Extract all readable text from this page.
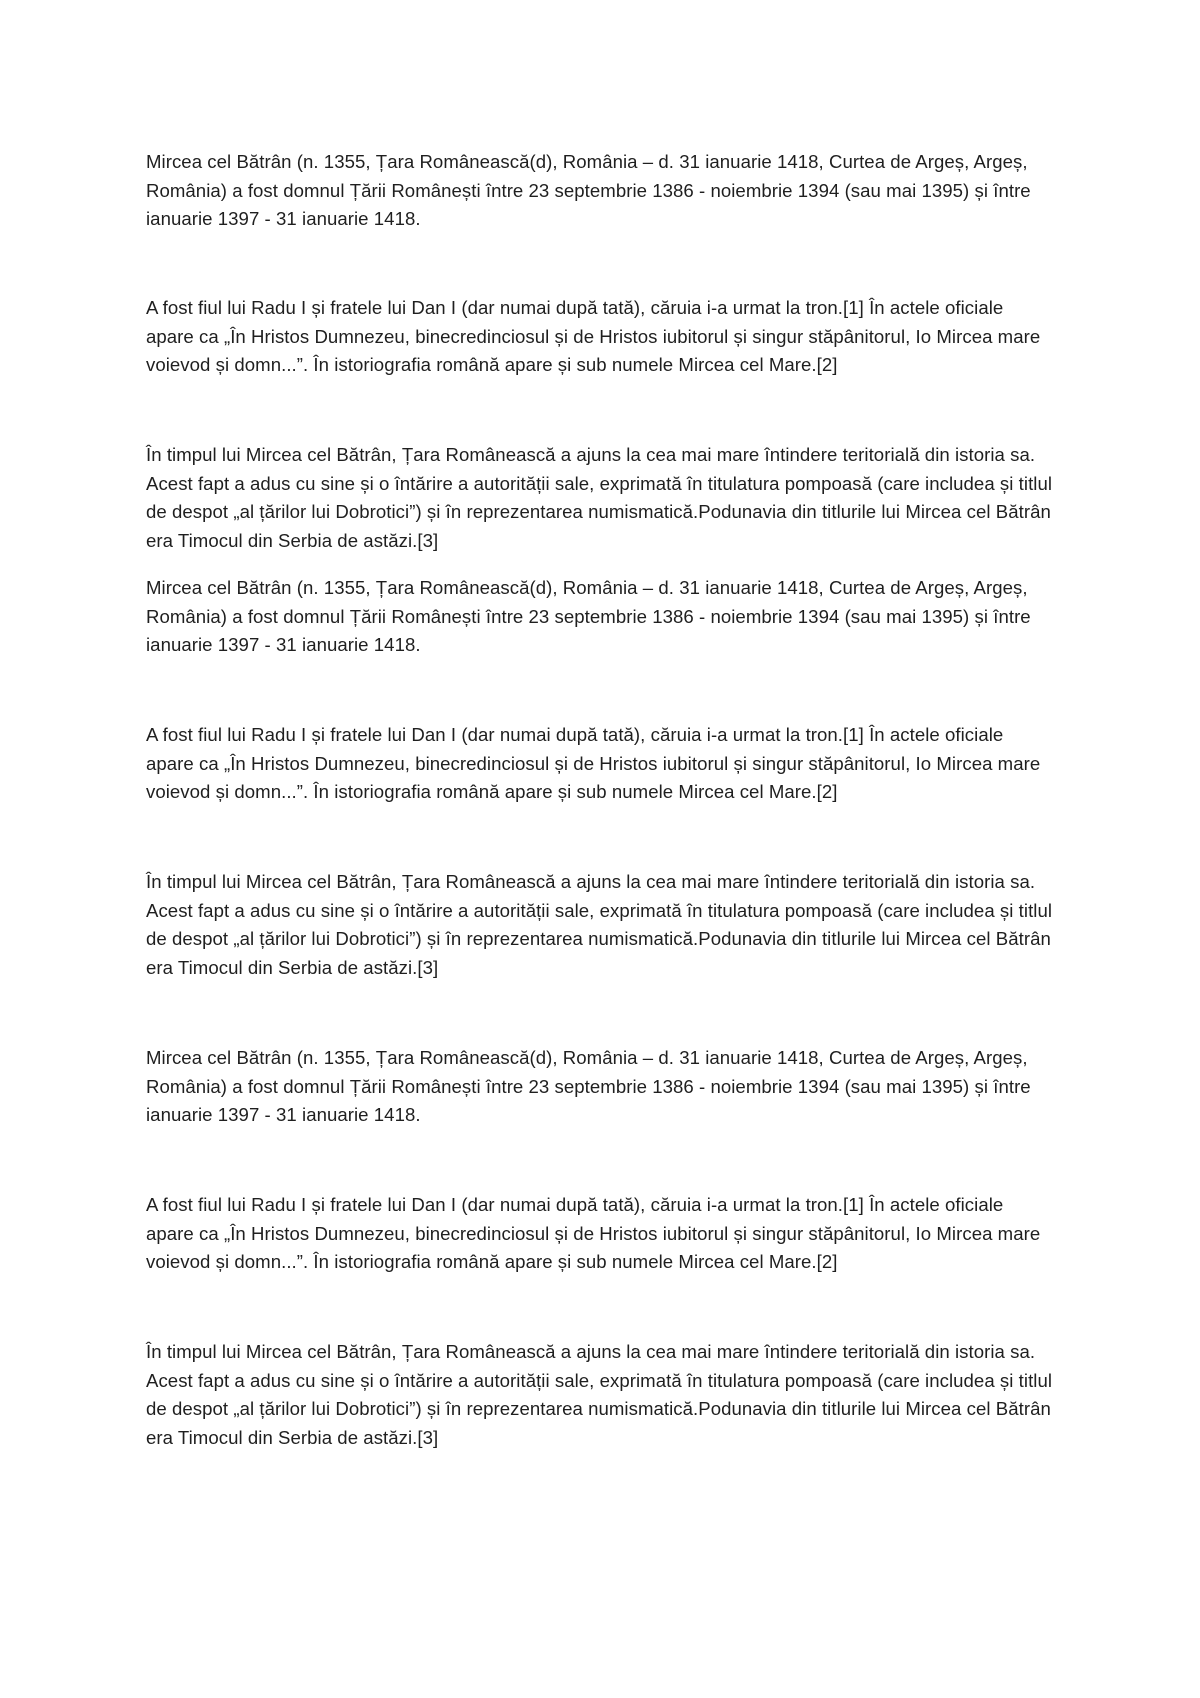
Mircea cel Bătrân (n. 1355, Țara Românească(d), România – d. 31 ianuarie 1418, Curtea de Argeș, Argeș, România) a fost domnul Țării Românești între 23 septembrie 1386 - noiembrie 1394 (sau mai 1395) și între ianuarie 1397 - 31 ianuarie 1418.

A fost fiul lui Radu I și fratele lui Dan I (dar numai după tată), căruia i-a urmat la tron.[1] În actele oficiale apare ca „În Hristos Dumnezeu, binecredinciosul și de Hristos iubitorul și singur stăpânitorul, Io Mircea mare voievod și domn...”. În istoriografia română apare și sub numele Mircea cel Mare.[2]

În timpul lui Mircea cel Bătrân, Țara Românească a ajuns la cea mai mare întindere teritorială din istoria sa. Acest fapt a adus cu sine și o întărire a autorității sale, exprimată în titulatura pompoasă (care includea și titlul de despot „al țărilor lui Dobrotici”) și în reprezentarea numismatică.Podunavia din titlurile lui Mircea cel Bătrân era Timocul din Serbia de astăzi.[3]

Mircea cel Bătrân (n. 1355, Țara Românească(d), România – d. 31 ianuarie 1418, Curtea de Argeș, Argeș, România) a fost domnul Țării Românești între 23 septembrie 1386 - noiembrie 1394 (sau mai 1395) și între ianuarie 1397 - 31 ianuarie 1418.

A fost fiul lui Radu I și fratele lui Dan I (dar numai după tată), căruia i-a urmat la tron.[1] În actele oficiale apare ca „În Hristos Dumnezeu, binecredinciosul și de Hristos iubitorul și singur stăpânitorul, Io Mircea mare voievod și domn...”. În istoriografia română apare și sub numele Mircea cel Mare.[2]

În timpul lui Mircea cel Bătrân, Țara Românească a ajuns la cea mai mare întindere teritorială din istoria sa. Acest fapt a adus cu sine și o întărire a autorității sale, exprimată în titulatura pompoasă (care includea și titlul de despot „al țărilor lui Dobrotici”) și în reprezentarea numismatică.Podunavia din titlurile lui Mircea cel Bătrân era Timocul din Serbia de astăzi.[3]

Mircea cel Bătrân (n. 1355, Țara Românească(d), România – d. 31 ianuarie 1418, Curtea de Argeș, Argeș, România) a fost domnul Țării Românești între 23 septembrie 1386 - noiembrie 1394 (sau mai 1395) și între ianuarie 1397 - 31 ianuarie 1418.

A fost fiul lui Radu I și fratele lui Dan I (dar numai după tată), căruia i-a urmat la tron.[1] În actele oficiale apare ca „În Hristos Dumnezeu, binecredinciosul și de Hristos iubitorul și singur stăpânitorul, Io Mircea mare voievod și domn...”. În istoriografia română apare și sub numele Mircea cel Mare.[2]

În timpul lui Mircea cel Bătrân, Țara Românească a ajuns la cea mai mare întindere teritorială din istoria sa. Acest fapt a adus cu sine și o întărire a autorității sale, exprimată în titulatura pompoasă (care includea și titlul de despot „al țărilor lui Dobrotici”) și în reprezentarea numismatică.Podunavia din titlurile lui Mircea cel Bătrân era Timocul din Serbia de astăzi.[3]
